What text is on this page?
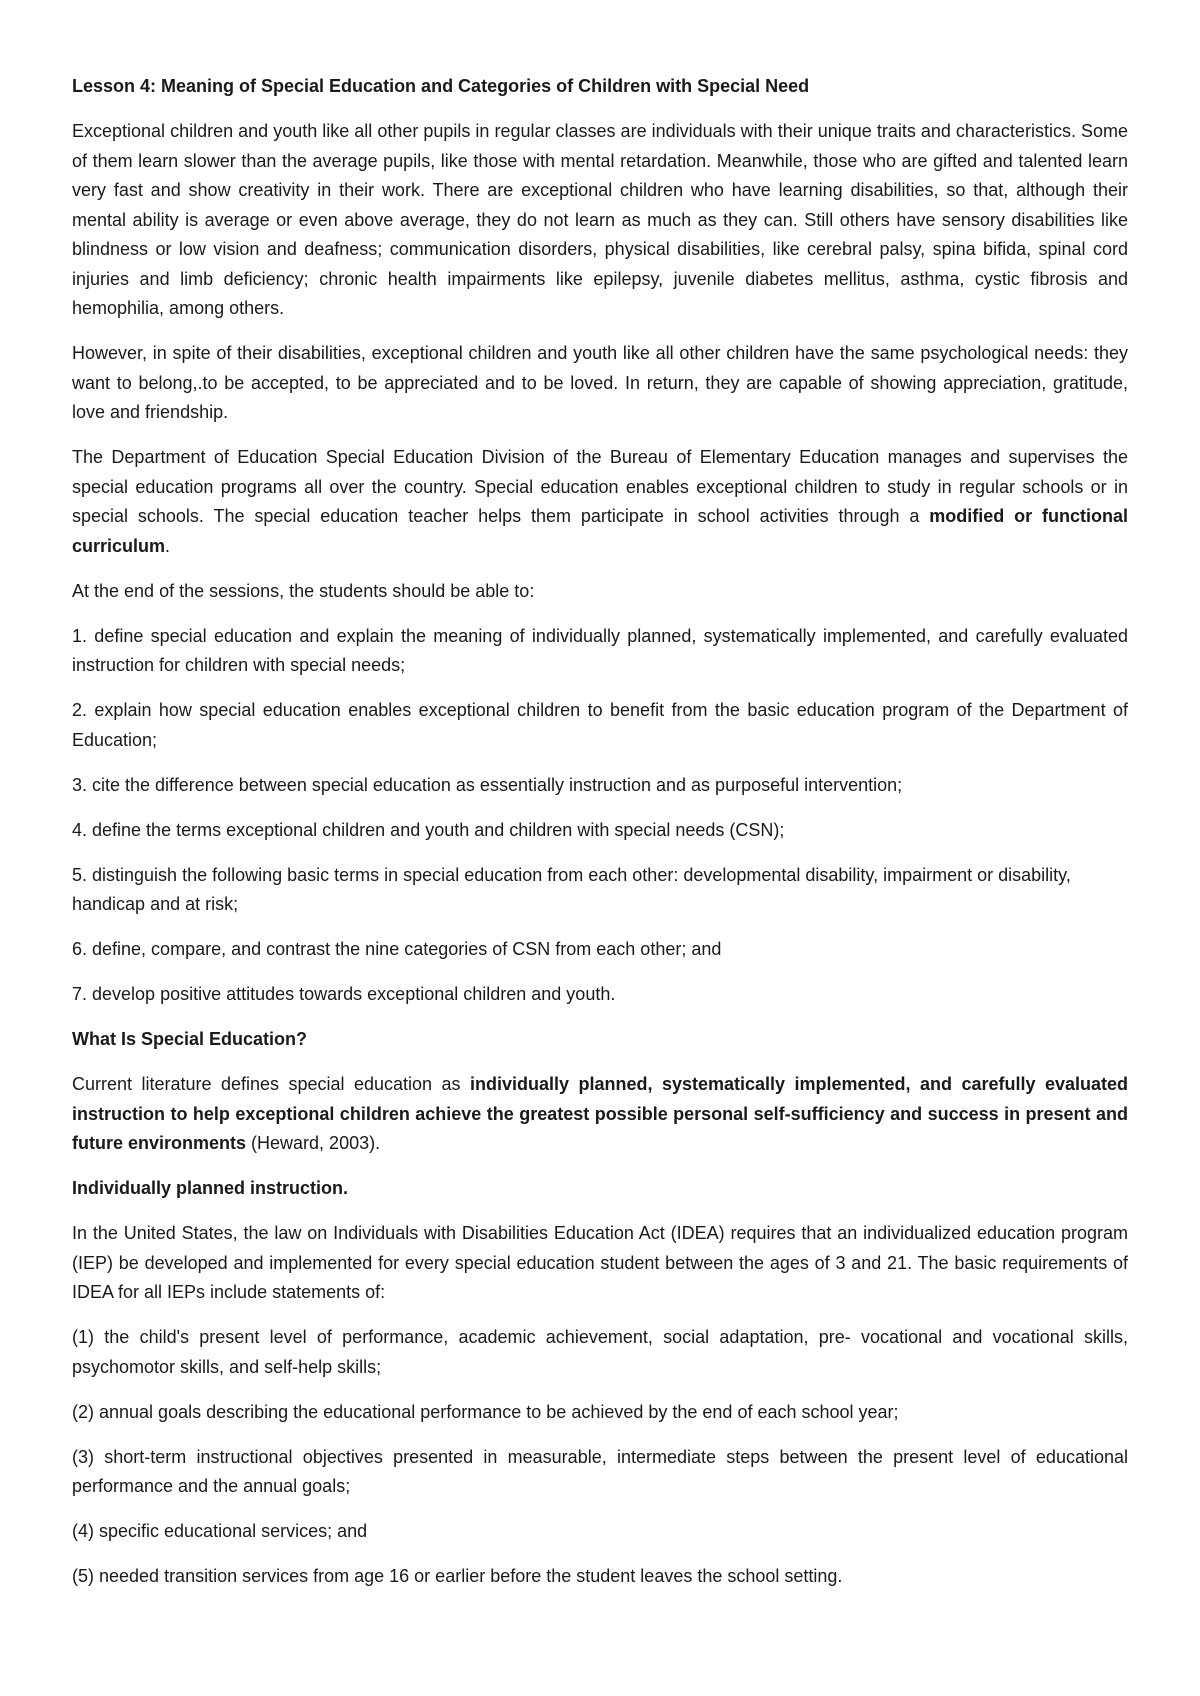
Lesson 4: Meaning of Special Education and Categories of Children with Special Need

Exceptional children and youth like all other pupils in regular classes are individuals with their unique traits and characteristics. Some of them learn slower than the average pupils, like those with mental retardation. Meanwhile, those who are gifted and talented learn very fast and show creativity in their work. There are exceptional children who have learning disabilities, so that, although their mental ability is average or even above average, they do not learn as much as they can. Still others have sensory disabilities like blindness or low vision and deafness; communication disorders, physical disabilities, like cerebral palsy, spina bifida, spinal cord injuries and limb deficiency; chronic health impairments like epilepsy, juvenile diabetes mellitus, asthma, cystic fibrosis and hemophilia, among others.

However, in spite of their disabilities, exceptional children and youth like all other children have the same psychological needs: they want to belong,.to be accepted, to be appreciated and to be loved. In return, they are capable of showing appreciation, gratitude, love and friendship.

The Department of Education Special Education Division of the Bureau of Elementary Education manages and supervises the special education programs all over the country. Special education enables exceptional children to study in regular schools or in special schools. The special education teacher helps them participate in school activities through a modified or functional curriculum.

At the end of the sessions, the students should be able to:

1. define special education and explain the meaning of individually planned, systematically implemented, and carefully evaluated instruction for children with special needs;

2. explain how special education enables exceptional children to benefit from the basic education program of the Department of Education;

3. cite the difference between special education as essentially instruction and as purposeful intervention;

4. define the terms exceptional children and youth and children with special needs (CSN);

5. distinguish the following basic terms in special education from each other: developmental disability, impairment or disability, handicap and at risk;

6. define, compare, and contrast the nine categories of CSN from each other; and

7. develop positive attitudes towards exceptional children and youth.

What Is Special Education?

Current literature defines special education as individually planned, systematically implemented, and carefully evaluated instruction to help exceptional children achieve the greatest possible personal self-sufficiency and success in present and future environments (Heward, 2003).

Individually planned instruction.

In the United States, the law on Individuals with Disabilities Education Act (IDEA) requires that an individualized education program (IEP) be developed and implemented for every special education student between the ages of 3 and 21. The basic requirements of IDEA for all IEPs include statements of:

(1) the child's present level of performance, academic achievement, social adaptation, pre- vocational and vocational skills, psychomotor skills, and self-help skills;

(2) annual goals describing the educational performance to be achieved by the end of each school year;

(3) short-term instructional objectives presented in measurable, intermediate steps between the present level of educational performance and the annual goals;

(4) specific educational services; and

(5) needed transition services from age 16 or earlier before the student leaves the school setting.
